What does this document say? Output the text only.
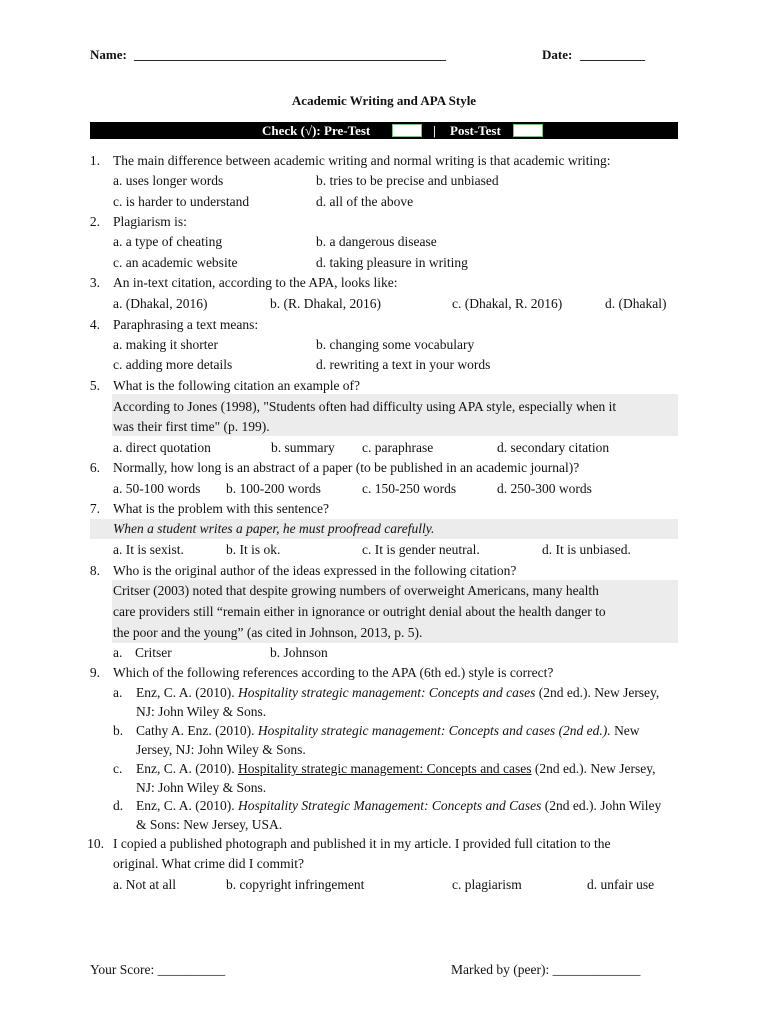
Name: ________________________________________________	Date: __________
Academic Writing and APA Style
Check (√): Pre-Test	| Post-Test
1. The main difference between academic writing and normal writing is that academic writing:
a. uses longer words	b. tries to be precise and unbiased
c. is harder to understand	d. all of the above
2. Plagiarism is:
a. a type of cheating	b. a dangerous disease
c. an academic website	d. taking pleasure in writing
3. An in-text citation, according to the APA, looks like:
a. (Dhakal, 2016)	b. (R. Dhakal, 2016)	c. (Dhakal, R. 2016)	d. (Dhakal)
4. Paraphrasing a text means:
a. making it shorter	b. changing some vocabulary
c. adding more details	d. rewriting a text in your words
5. What is the following citation an example of?
According to Jones (1998), "Students often had difficulty using APA style, especially when it
was their first time" (p. 199).
a. direct quotation	b. summary c. paraphrase	d. secondary citation
6. Normally, how long is an abstract of a paper (to be published in an academic journal)?
a. 50-100 words b. 100-200 words	c. 150-250 words	d. 250-300 words
7. What is the problem with this sentence?
When a student writes a paper, he must proofread carefully.
a. It is sexist.	b. It is ok.	c. It is gender neutral.	d. It is unbiased.
8. Who is the original author of the ideas expressed in the following citation?
Critser (2003) noted that despite growing numbers of overweight Americans, many health
care providers still “remain either in ignorance or outright denial about the health danger to
the poor and the young” (as cited in Johnson, 2013, p. 5).
a. Critser	b. Johnson
9. Which of the following references according to the APA (6th ed.) style is correct?
a. Enz, C. A. (2010). Hospitality strategic management: Concepts and cases (2nd ed.). New Jersey,
NJ: John Wiley & Sons.
b. Cathy A. Enz. (2010). Hospitality strategic management: Concepts and cases (2nd ed.). New
Jersey, NJ: John Wiley & Sons.
c. Enz, C. A. (2010). Hospitality strategic management: Concepts and cases (2nd ed.). New Jersey,
NJ: John Wiley & Sons.
d. Enz, C. A. (2010). Hospitality Strategic Management: Concepts and Cases (2nd ed.). John Wiley
& Sons: New Jersey, USA.
10. I copied a published photograph and published it in my article. I provided full citation to the
original. What crime did I commit?
a. Not at all	b. copyright infringement	c. plagiarism	d. unfair use
Your Score: __________	Marked by (peer): _____________
